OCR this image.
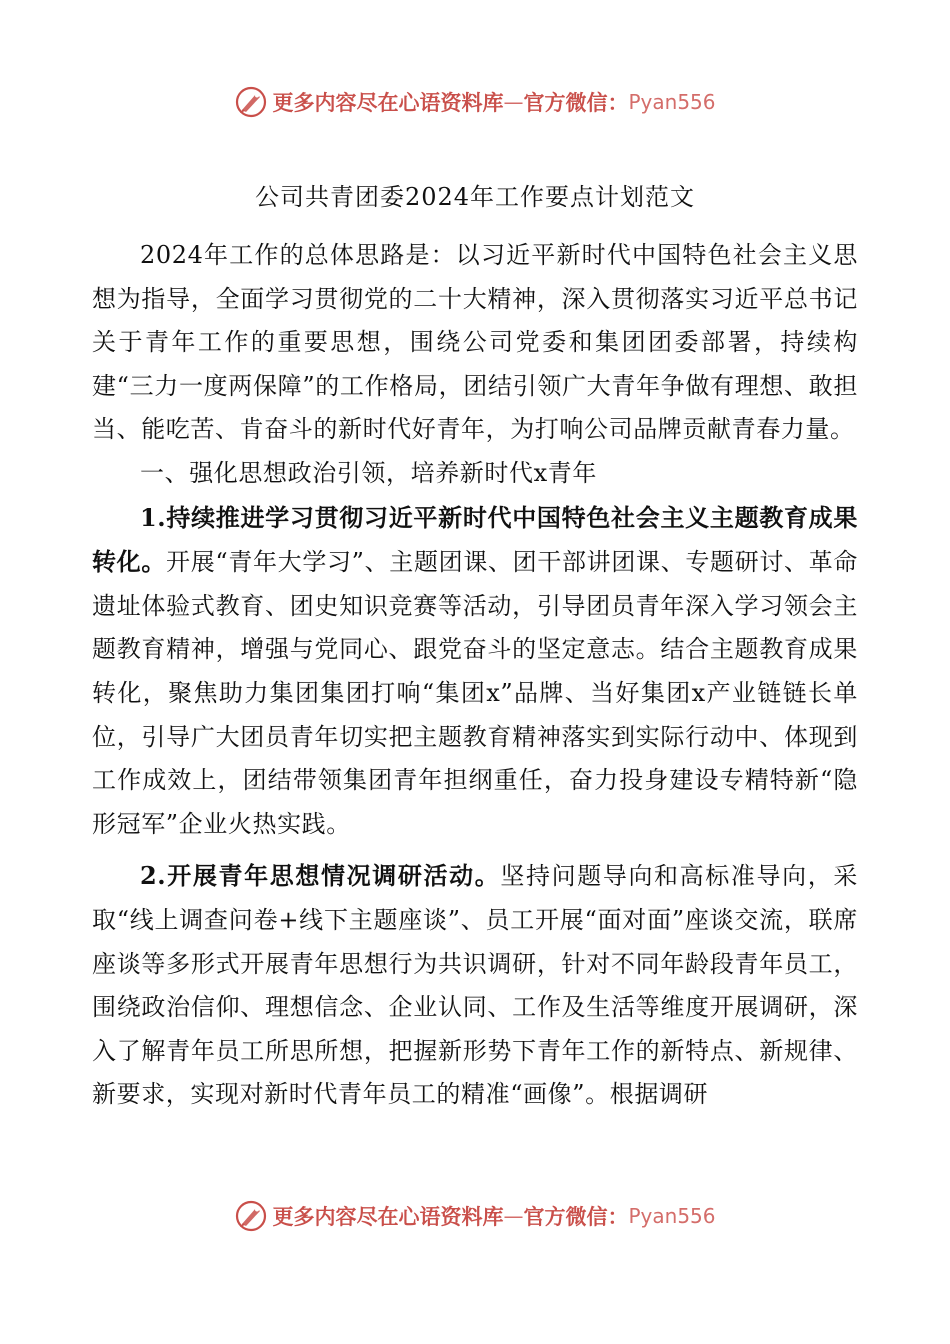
更多内容尽在心语资料库 — 官方微信： Pyan556
公司共青团委2024年工作要点计划范文

2024年工作的总体思路是：以习近平新时代中国特色社会主义思想为指导，全面学习贯彻党的二十大精神，深入贯彻落实习近平总书记关于青年工作的重要思想，围绕公司党委和集团团委部署，持续构建“三力一度两保障”的工作格局，团结引领广大青年争做有理想、敢担当、能吃苦、肯奋斗的新时代好青年，为打响公司品牌贡献青春力量。

一、强化思想政治引领，培养新时代x青年

1.持续推进学习贯彻习近平新时代中国特色社会主义主题教育成果转化。开展“青年大学习”、主题团课、团干部讲团课、专题研讨、革命遗址体验式教育、团史知识竞赛等活动，引导团员青年深入学习领会主题教育精神，增强与党同心、跟党奋斗的坚定意志。结合主题教育成果转化，聚焦助力集团集团打响“集团x”品牌、当好集团x产业链链长单位，引导广大团员青年切实把主题教育精神落实到实际行动中、体现到工作成效上，团结带领集团青年担纲重任，奋力投身建设专精特新“隐形冠军”企业火热实践。

2.开展青年思想情况调研活动。坚持问题导向和高标准导向，采取“线上调查问卷+线下主题座谈”、员工开展“面对面”座谈交流，联席座谈等多形式开展青年思想行为共识调研，针对不同年龄段青年员工，围绕政治信仰、理想信念、企业认同、工作及生活等维度开展调研，深入了解青年员工所思所想，把握新形势下青年工作的新特点、新规律、新要求，实现对新时代青年员工的精准“画像”。根据调研

更多内容尽在心语资料库 — 官方微信： Pyan556
